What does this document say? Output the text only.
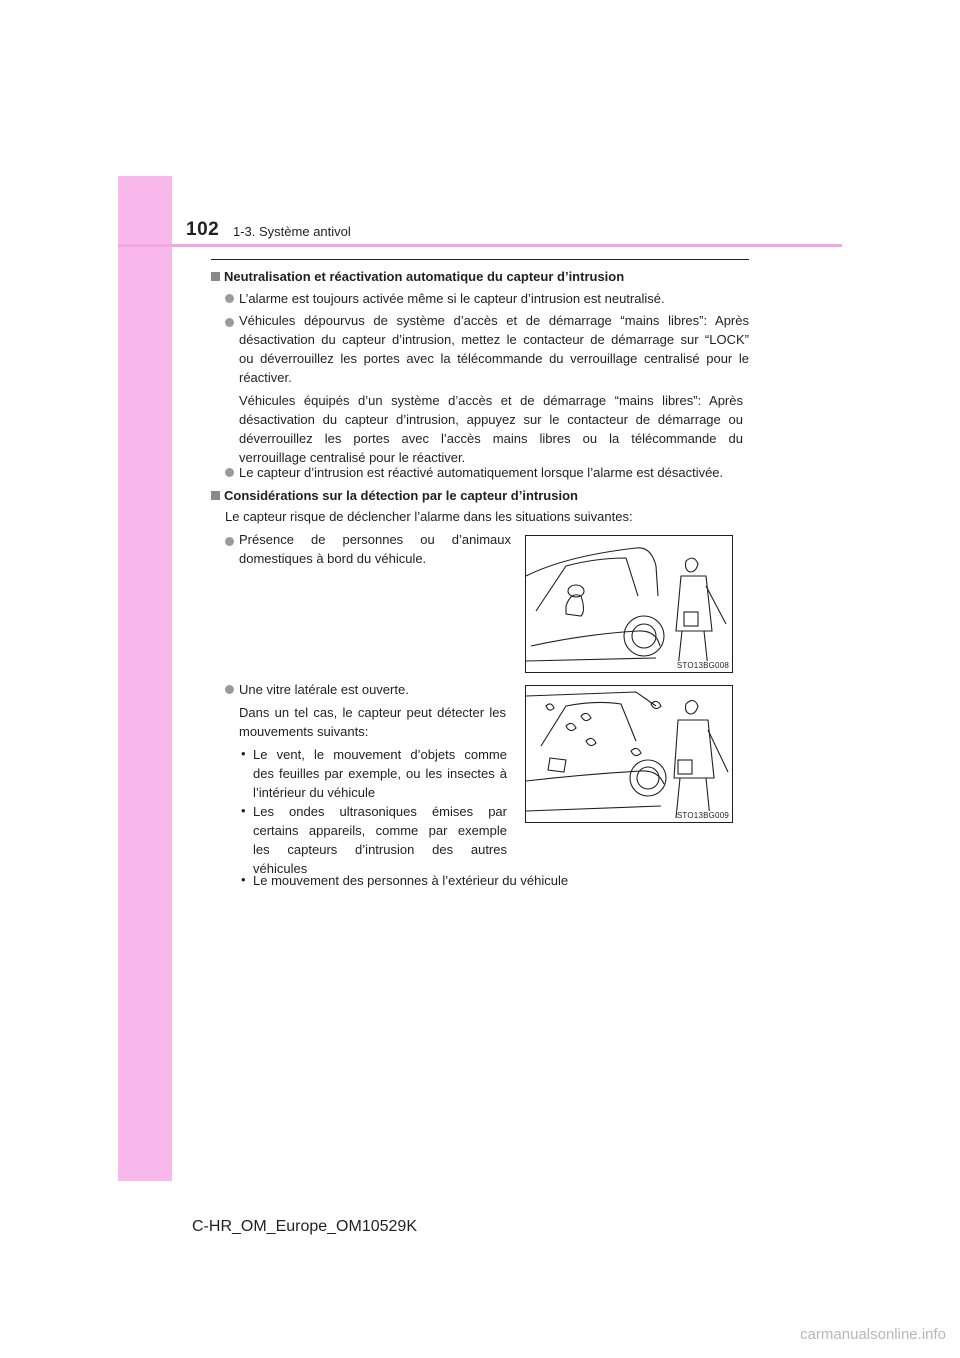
102 1-3. Système antivol
Neutralisation et réactivation automatique du capteur d’intrusion
L’alarme est toujours activée même si le capteur d’intrusion est neutralisé.
Véhicules dépourvus de système d’accès et de démarrage “mains libres”: Après
désactivation du capteur d’intrusion, mettez le contacteur de démarrage sur “LOCK”
ou déverrouillez les portes avec la télécommande du verrouillage centralisé pour le
réactiver.
Véhicules équipés d’un système d’accès et de démarrage “mains libres”: Après
désactivation du capteur d’intrusion, appuyez sur le contacteur de démarrage ou
déverrouillez les portes avec l’accès mains libres ou la télécommande du
verrouillage centralisé pour le réactiver.
Le capteur d’intrusion est réactivé automatiquement lorsque l’alarme est désactivée.
Considérations sur la détection par le capteur d’intrusion
Le capteur risque de déclencher l’alarme dans les situations suivantes:
Présence de personnes ou d’animaux
domestiques à bord du véhicule.
STO13BG008
Une vitre latérale est ouverte.
Dans un tel cas, le capteur peut détecter les
mouvements suivants:
• Le vent, le mouvement d’objets comme
des feuilles par exemple, ou les insectes à
l’intérieur du véhicule
• Les ondes ultrasoniques émises par
certains appareils, comme par exemple
les capteurs d’intrusion des autres
véhicules
• Le mouvement des personnes à l’extérieur du véhicule
STO13BG009
C-HR_OM_Europe_OM10529K
carmanualsonline.info
